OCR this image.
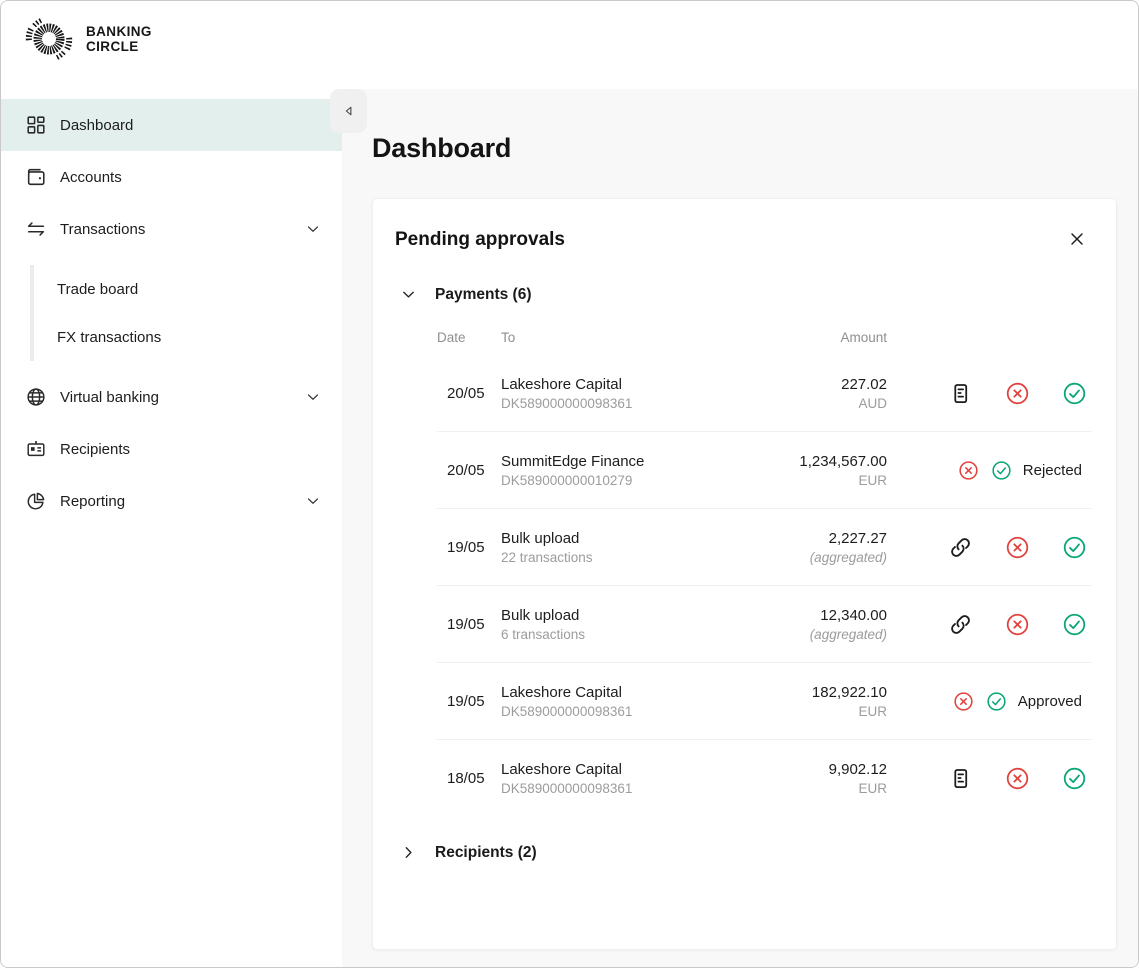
BANKING
CIRCLE
Dashboard
Accounts
Transactions
Trade board
FX transactions
Virtual banking
Recipients
Reporting
Dashboard
Pending approvals
Payments (6)
Date	To	Amount
20/05
Lakeshore Capital
DK589000000098361
227.02
AUD
20/05
SummitEdge Finance
DK589000000010279
1,234,567.00
EUR
Rejected
19/05
Bulk upload
22 transactions
2,227.27
(aggregated)
19/05
Bulk upload
6 transactions
12,340.00
(aggregated)
19/05
Lakeshore Capital
DK589000000098361
182,922.10
EUR
Approved
18/05
Lakeshore Capital
DK589000000098361
9,902.12
EUR
Recipients (2)
